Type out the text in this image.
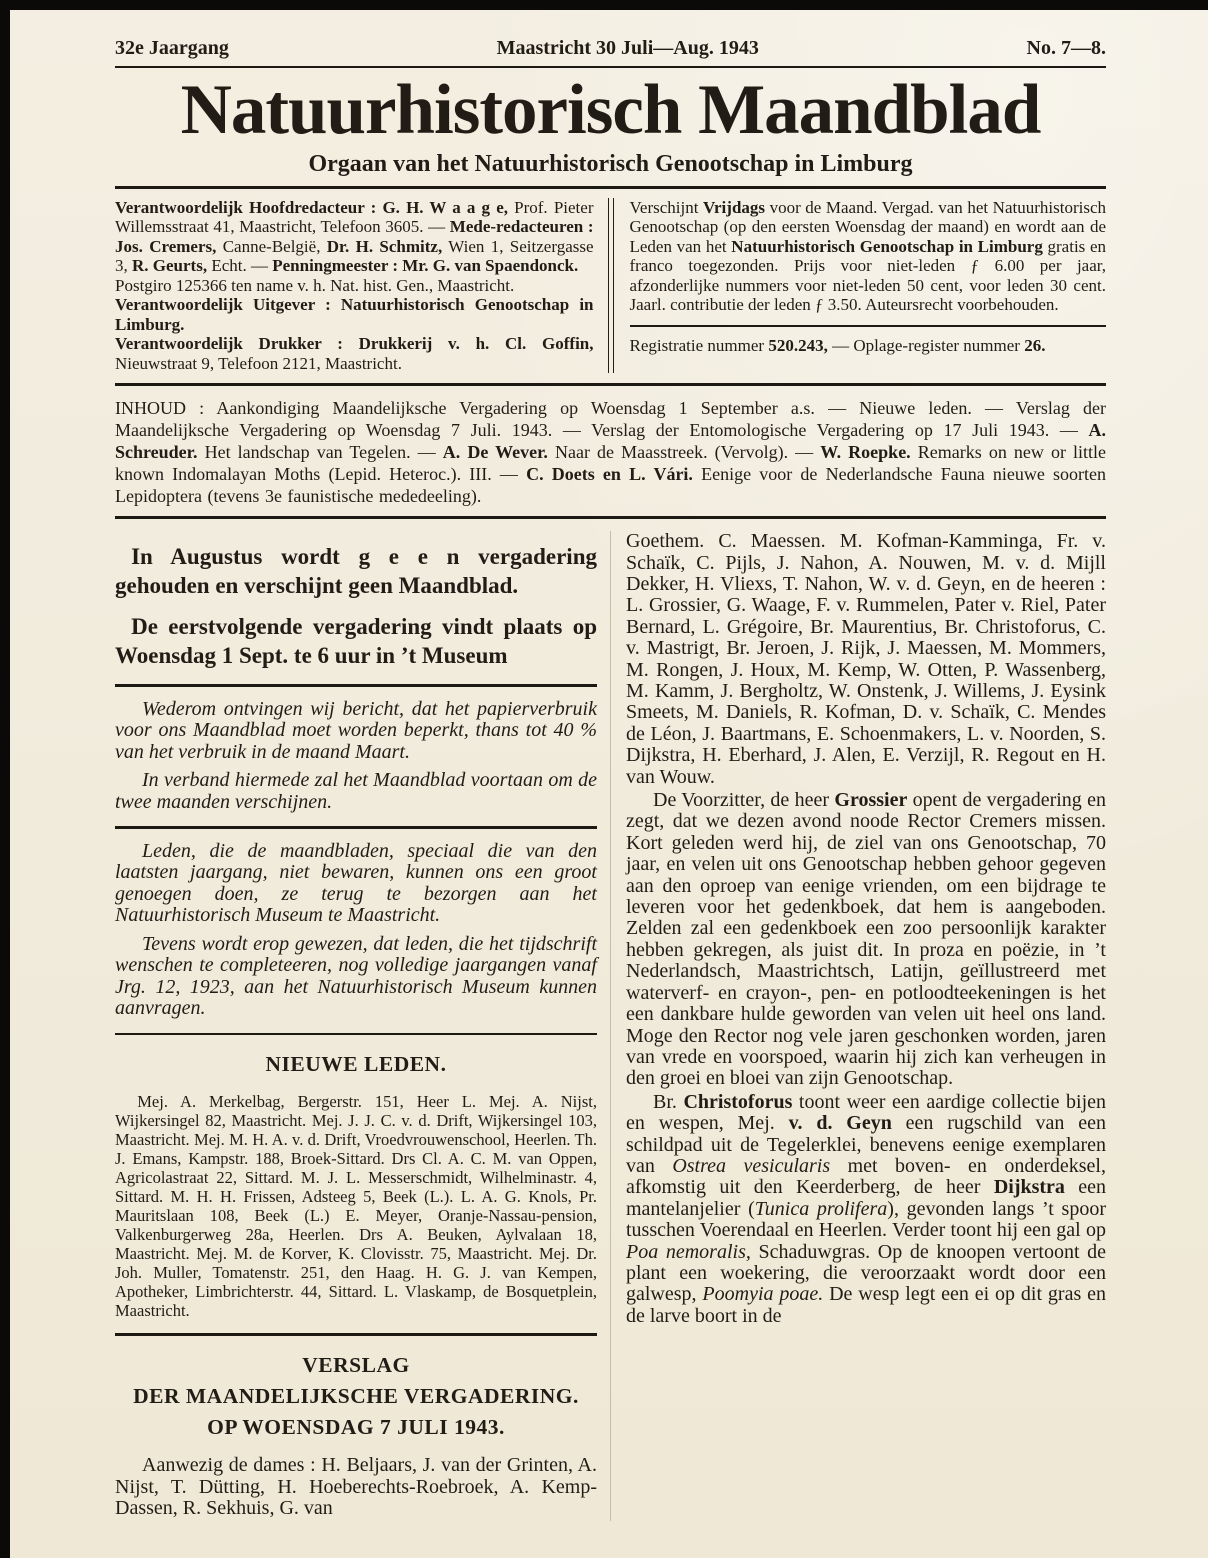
32e Jaargang	Maastricht 30 Juli—Aug. 1943	No. 7—8.
Natuurhistorisch Maandblad
Orgaan van het Natuurhistorisch Genootschap in Limburg

Verantwoordelijk Hoofdredacteur : G. H. W a a g e, Prof. Pieter Willemsstraat 41, Maastricht, Telefoon 3605. — Mede-redacteuren : Jos. Cremers, Canne-België, Dr. H. Schmitz, Wien 1, Seitzergasse 3, R. Geurts, Echt. — Penningmeester : Mr. G. van Spaendonck.

Postgiro 125366 ten name v. h. Nat. hist. Gen., Maastricht.

Verantwoordelijk Uitgever : Natuurhistorisch Genootschap in Limburg.

Verantwoordelijk Drukker : Drukkerij v. h. Cl. Goffin, Nieuwstraat 9, Telefoon 2121, Maastricht.

Verschijnt Vrijdags voor de Maand. Vergad. van het Natuurhistorisch Genootschap (op den eersten Woensdag der maand) en wordt aan de Leden van het Natuurhistorisch Genootschap in Limburg gratis en franco toegezonden. Prijs voor niet-leden ƒ 6.00 per jaar, afzonderlijke nummers voor niet-leden 50 cent, voor leden 30 cent. Jaarl. contributie der leden ƒ 3.50. Auteursrecht voorbehouden.

Registratie nummer 520.243, — Oplage-register nummer 26.

INHOUD : Aankondiging Maandelijksche Vergadering op Woensdag 1 September a.s. — Nieuwe leden. — Verslag der Maandelijksche Vergadering op Woensdag 7 Juli. 1943. — Verslag der Entomologische Vergadering op 17 Juli 1943. — A. Schreuder. Het landschap van Tegelen. — A. De Wever. Naar de Maasstreek. (Vervolg). — W. Roepke. Remarks on new or little known Indomalayan Moths (Lepid. Heteroc.). III. — C. Doets en L. Vári. Eenige voor de Nederlandsche Fauna nieuwe soorten Lepidoptera (tevens 3e faunistische mededeeling).

In Augustus wordt g e e n vergadering gehouden en verschijnt geen Maandblad.

De eerstvolgende vergadering vindt plaats op Woensdag 1 Sept. te 6 uur in ’t Museum

Wederom ontvingen wij bericht, dat het papierverbruik voor ons Maandblad moet worden beperkt, thans tot 40 % van het verbruik in de maand Maart.

In verband hiermede zal het Maandblad voortaan om de twee maanden verschijnen.

Leden, die de maandbladen, speciaal die van den laatsten jaargang, niet bewaren, kunnen ons een groot genoegen doen, ze terug te bezorgen aan het Natuurhistorisch Museum te Maastricht.

Tevens wordt erop gewezen, dat leden, die het tijdschrift wenschen te completeeren, nog volledige jaargangen vanaf Jrg. 12, 1923, aan het Natuurhistorisch Museum kunnen aanvragen.

NIEUWE LEDEN.

Mej. A. Merkelbag, Bergerstr. 151, Heer L. Mej. A. Nijst, Wijkersingel 82, Maastricht. Mej. J. J. C. v. d. Drift, Wijkersingel 103, Maastricht. Mej. M. H. A. v. d. Drift, Vroedvrouwenschool, Heerlen. Th. J. Emans, Kampstr. 188, Broek-Sittard. Drs Cl. A. C. M. van Oppen, Agricolastraat 22, Sittard. M. J. L. Messerschmidt, Wilhelminastr. 4, Sittard. M. H. H. Frissen, Adsteeg 5, Beek (L.). L. A. G. Knols, Pr. Mauritslaan 108, Beek (L.) E. Meyer, Oranje-Nassau-pension, Valkenburgerweg 28a, Heerlen. Drs A. Beuken, Aylvalaan 18, Maastricht. Mej. M. de Korver, K. Clovisstr. 75, Maastricht. Mej. Dr. Joh. Muller, Tomatenstr. 251, den Haag. H. G. J. van Kempen, Apotheker, Limbrichterstr. 44, Sittard. L. Vlaskamp, de Bosquetplein, Maastricht.

VERSLAG
DER MAANDELIJKSCHE VERGADERING.
OP WOENSDAG 7 JULI 1943.

Aanwezig de dames : H. Beljaars, J. van der Grinten, A. Nijst, T. Dütting, H. Hoeberechts-Roebroek, A. Kemp-Dassen, R. Sekhuis, G. van

Goethem. C. Maessen. M. Kofman-Kamminga, Fr. v. Schaïk, C. Pijls, J. Nahon, A. Nouwen, M. v. d. Mijll Dekker, H. Vliexs, T. Nahon, W. v. d. Geyn, en de heeren : L. Grossier, G. Waage, F. v. Rummelen, Pater v. Riel, Pater Bernard, L. Grégoire, Br. Maurentius, Br. Christoforus, C. v. Mastrigt, Br. Jeroen, J. Rijk, J. Maessen, M. Mommers, M. Rongen, J. Houx, M. Kemp, W. Otten, P. Wassenberg, M. Kamm, J. Bergholtz, W. Onstenk, J. Willems, J. Eysink Smeets, M. Daniels, R. Kofman, D. v. Schaïk, C. Mendes de Léon, J. Baartmans, E. Schoenmakers, L. v. Noorden, S. Dijkstra, H. Eberhard, J. Alen, E. Verzijl, R. Regout en H. van Wouw.

De Voorzitter, de heer Grossier opent de vergadering en zegt, dat we dezen avond noode Rector Cremers missen. Kort geleden werd hij, de ziel van ons Genootschap, 70 jaar, en velen uit ons Genootschap hebben gehoor gegeven aan den oproep van eenige vrienden, om een bijdrage te leveren voor het gedenkboek, dat hem is aangeboden. Zelden zal een gedenkboek een zoo persoonlijk karakter hebben gekregen, als juist dit. In proza en poëzie, in ’t Nederlandsch, Maastrichtsch, Latijn, geïllustreerd met waterverf- en crayon-, pen- en potloodteekeningen is het een dankbare hulde geworden van velen uit heel ons land. Moge den Rector nog vele jaren geschonken worden, jaren van vrede en voorspoed, waarin hij zich kan verheugen in den groei en bloei van zijn Genootschap.

Br. Christoforus toont weer een aardige collectie bijen en wespen, Mej. v. d. Geyn een rugschild van een schildpad uit de Tegelerklei, benevens eenige exemplaren van Ostrea vesicularis met boven- en onderdeksel, afkomstig uit den Keerderberg, de heer Dijkstra een mantelanjelier (Tunica prolifera), gevonden langs ’t spoor tusschen Voerendaal en Heerlen. Verder toont hij een gal op Poa nemoralis, Schaduwgras. Op de knoopen vertoont de plant een woekering, die veroorzaakt wordt door een galwesp, Poomyia poae. De wesp legt een ei op dit gras en de larve boort in de
